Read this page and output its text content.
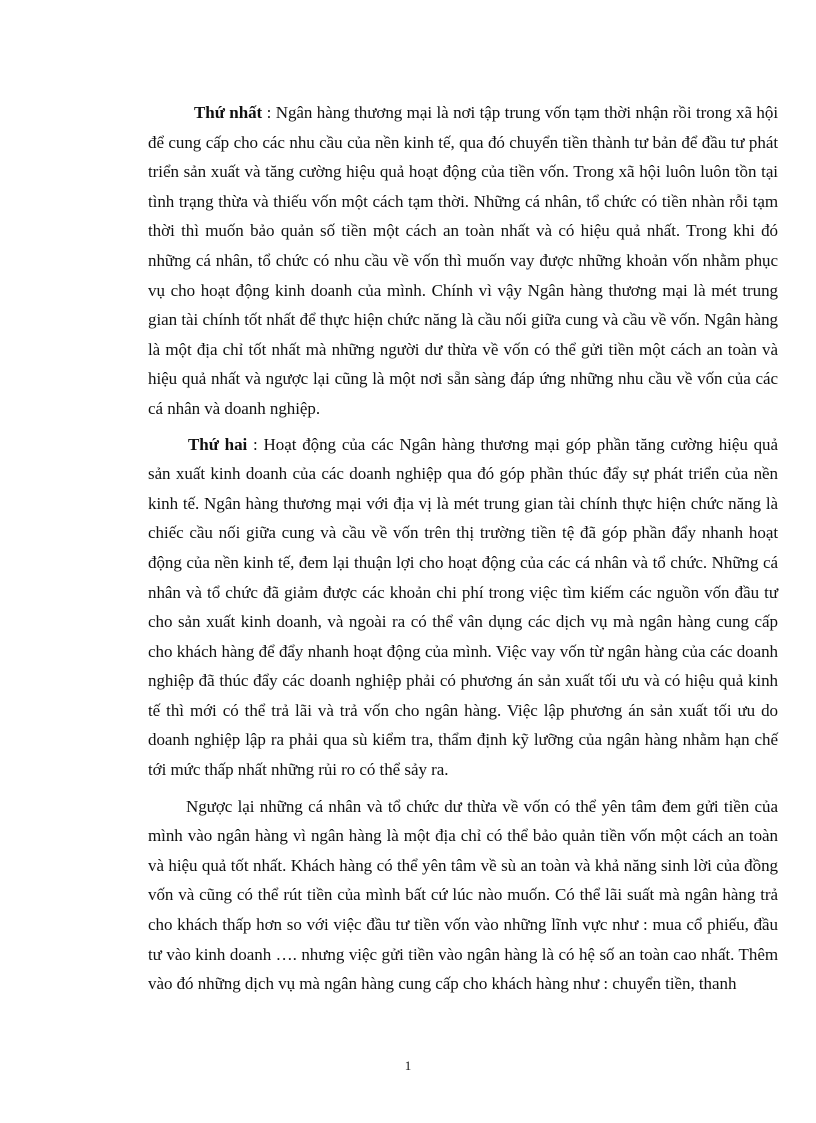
Thứ nhất : Ngân hàng thương mại là nơi tập trung vốn tạm thời nhận rồi trong xã hội để cung cấp cho các nhu cầu của nền kinh tế, qua đó chuyển tiền thành tư bản để đầu tư phát triển sản xuất và tăng cường hiệu quả hoạt động của tiền vốn. Trong xã hội luôn luôn tồn tại tình trạng thừa và thiếu vốn một cách tạm thời. Những cá nhân, tổ chức có tiền nhàn rỗi tạm thời thì muốn bảo quản số tiền một cách an toàn nhất và có hiệu quả nhất. Trong khi đó những cá nhân, tổ chức có nhu cầu về vốn thì muốn vay được những khoản vốn nhằm phục vụ cho hoạt động kinh doanh của mình. Chính vì vậy Ngân hàng thương mại là mét trung gian tài chính tốt nhất để thực hiện chức năng là cầu nối giữa cung và cầu về vốn. Ngân hàng là một địa chỉ tốt nhất mà những người dư thừa về vốn có thể gửi tiền một cách an toàn và hiệu quả nhất và ngược lại cũng là một nơi sẵn sàng đáp ứng những nhu cầu về vốn của các cá nhân và doanh nghiệp.

Thứ hai : Hoạt động của các Ngân hàng thương mại góp phần tăng cường hiệu quả sản xuất kinh doanh của các doanh nghiệp qua đó góp phần thúc đẩy sự phát triển của nền kinh tế. Ngân hàng thương mại với địa vị là mét trung gian tài chính thực hiện chức năng là chiếc cầu nối giữa cung và cầu về vốn trên thị trường tiền tệ đã góp phần đẩy nhanh hoạt động của nền kinh tế, đem lại thuận lợi cho hoạt động của các cá nhân và tổ chức. Những cá nhân và tổ chức đã giảm được các khoản chi phí trong việc tìm kiếm các nguồn vốn đầu tư cho sản xuất kinh doanh, và ngoài ra có thể vân dụng các dịch vụ mà ngân hàng cung cấp cho khách hàng để đẩy nhanh hoạt động của mình. Việc vay vốn từ ngân hàng của các doanh nghiệp đã thúc đẩy các doanh nghiệp phải có phương án sản xuất tối ưu và có hiệu quả kinh tế thì mới có thể trả lãi và trả vốn cho ngân hàng. Việc lập phương án sản xuất tối ưu do doanh nghiệp lập ra phải qua sù kiểm tra, thẩm định kỹ lưỡng của ngân hàng nhằm hạn chế tới mức thấp nhất những rủi ro có thể sảy ra.

Ngược lại những cá nhân và tổ chức dư thừa về vốn có thể yên tâm đem gửi tiền của mình vào ngân hàng vì ngân hàng là một địa chỉ có thể bảo quản tiền vốn một cách an toàn và hiệu quả tốt nhất. Khách hàng có thể yên tâm về sù an toàn và khả năng sinh lời của đồng vốn và cũng có thể rút tiền của mình bất cứ lúc nào muốn. Có thể lãi suất mà ngân hàng trả cho khách thấp hơn so với việc đầu tư tiền vốn vào những lĩnh vực như : mua cổ phiếu, đầu tư vào kinh doanh …. nhưng việc gửi tiền vào ngân hàng là có hệ số an toàn cao nhất. Thêm vào đó những dịch vụ mà ngân hàng cung cấp cho khách hàng như : chuyển tiền, thanh

1
